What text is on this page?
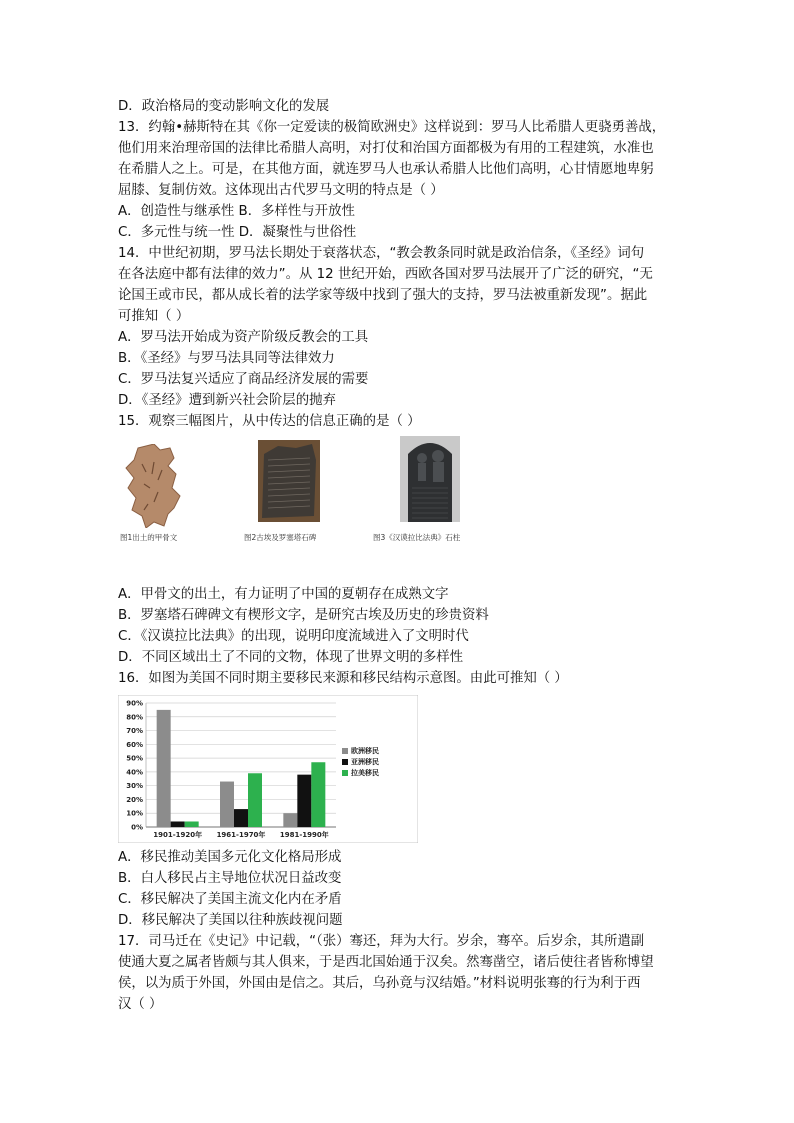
D．政治格局的变动影响文化的发展
13．约翰•赫斯特在其《你一定爱读的极简欧洲史》这样说到：罗马人比希腊人更骁勇善战，
他们用来治理帝国的法律比希腊人高明，对打仗和治国方面都极为有用的工程建筑，水准也
在希腊人之上。可是，在其他方面，就连罗马人也承认希腊人比他们高明，心甘情愿地卑躬
屈膝、复制仿效。这体现出古代罗马文明的特点是（ ）
A．创造性与继承性 B．多样性与开放性
C．多元性与统一性 D．凝聚性与世俗性
14．中世纪初期，罗马法长期处于衰落状态，“教会教条同时就是政治信条，《圣经》词句
在各法庭中都有法律的效力”。从 12 世纪开始，西欧各国对罗马法展开了广泛的研究，“无
论国王或市民，都从成长着的法学家等级中找到了强大的支持，罗马法被重新发现”。据此
可推知（ ）
A．罗马法开始成为资产阶级反教会的工具
B．《圣经》与罗马法具同等法律效力
C．罗马法复兴适应了商品经济发展的需要
D．《圣经》遭到新兴社会阶层的抛弃
15．观察三幅图片，从中传达的信息正确的是（ ）
图1出土的甲骨文	图2古埃及罗塞塔石碑	图3《汉谟拉比法典》石柱
A．甲骨文的出土，有力证明了中国的夏朝存在成熟文字
B．罗塞塔石碑碑文有楔形文字，是研究古埃及历史的珍贵资料
C．《汉谟拉比法典》的出现，说明印度流域进入了文明时代
D．不同区域出土了不同的文物，体现了世界文明的多样性
16．如图为美国不同时期主要移民来源和移民结构示意图。由此可推知（ ）
0%
10%
20%
30%
40%
50%
60%
70%
80%
90%
1901-1920年 1961-1970年 1981-1990年
欧洲移民
亚洲移民
拉美移民
A．移民推动美国多元化文化格局形成
B．白人移民占主导地位状况日益改变
C．移民解决了美国主流文化内在矛盾
D．移民解决了美国以往种族歧视问题
17．司马迁在《史记》中记载，“（张）骞还，拜为大行。岁余，骞卒。后岁余，其所遣副
使通大夏之属者皆颇与其人俱来，于是西北国始通于汉矣。然骞凿空，诸后使往者皆称博望
侯，以为质于外国，外国由是信之。其后，乌孙竟与汉结婚。”材料说明张骞的行为利于西
汉（ ）
